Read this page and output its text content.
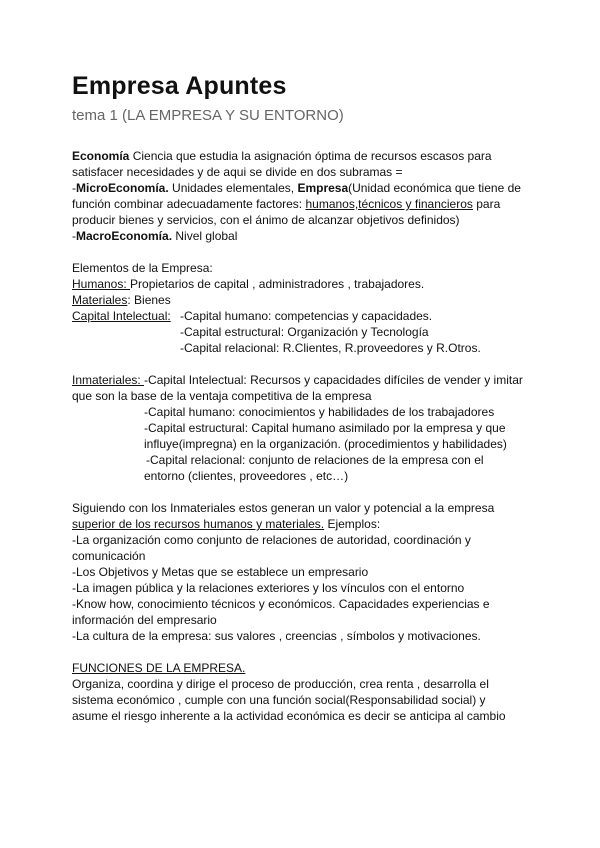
Empresa Apuntes
tema 1 (LA EMPRESA Y SU ENTORNO)

Economía Ciencia que estudia la asignación óptima de recursos escasos para

satisfacer necesidades y de aqui se divide en dos subramas =

-MicroEconomía. Unidades elementales, Empresa(Unidad económica que tiene de

función combinar adecuadamente factores: humanos,técnicos y financieros para

producir bienes y servicios, con el ánimo de alcanzar objetivos definidos)

-MacroEconomía. Nivel global

Elementos de la Empresa:

Humanos: Propietarios de capital , administradores , trabajadores.

Materiales: Bienes

Capital Intelectual: -Capital humano: competencias y capacidades.

-Capital estructural: Organización y Tecnología

-Capital relacional: R.Clientes, R.proveedores y R.Otros.

Inmateriales: -Capital Intelectual: Recursos y capacidades difíciles de vender y imitar

que son la base de la ventaja competitiva de la empresa

-Capital humano: conocimientos y habilidades de los trabajadores

-Capital estructural: Capital humano asimilado por la empresa y que

influye(impregna) en la organización. (procedimientos y habilidades)

-Capital relacional: conjunto de relaciones de la empresa con el

entorno (clientes, proveedores , etc…)

Siguiendo con los Inmateriales estos generan un valor y potencial a la empresa

superior de los recursos humanos y materiales. Ejemplos:

-La organización como conjunto de relaciones de autoridad, coordinación y

comunicación

-Los Objetivos y Metas que se establece un empresario

-La imagen pública y la relaciones exteriores y los vínculos con el entorno

-Know how, conocimiento técnicos y económicos. Capacidades experiencias e

información del empresario

-La cultura de la empresa: sus valores , creencias , símbolos y motivaciones.

FUNCIONES DE LA EMPRESA.

Organiza, coordina y dirige el proceso de producción, crea renta , desarrolla el

sistema económico , cumple con una función social(Responsabilidad social) y

asume el riesgo inherente a la actividad económica es decir se anticipa al cambio
